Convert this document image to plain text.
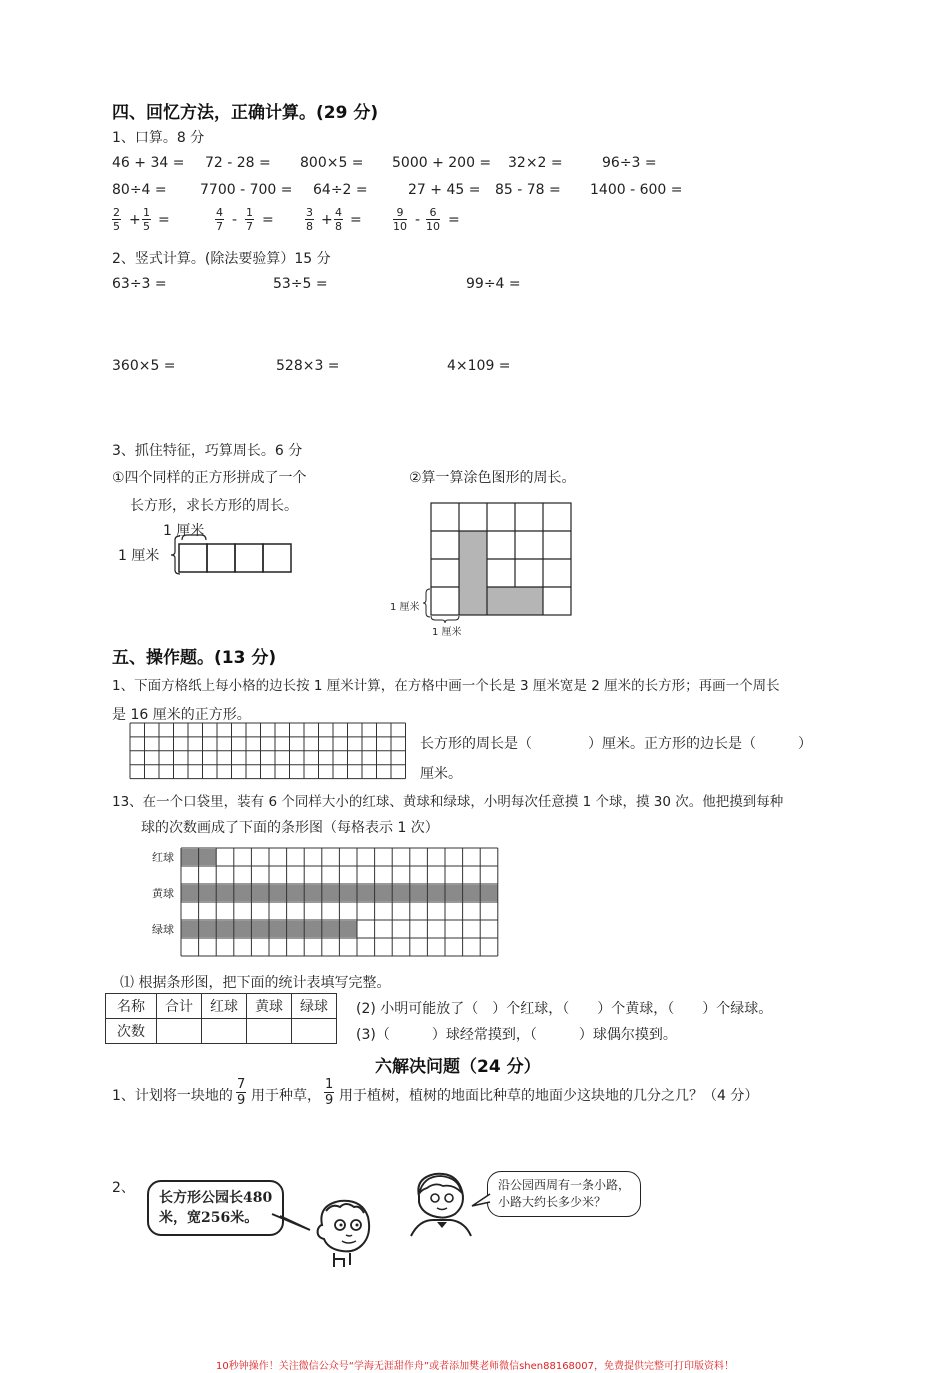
四、回忆方法，正确计算。(29 分)
1、口算。8 分
46 + 34 = 72 - 28 = 800×5 = 5000 + 200 = 32×2 =	96÷3 =
80÷4 = 7700 - 700 = 64÷2 =	27 + 45 = 85 - 78 = 1400 - 600 =
$\frac{2}{5} + \frac{1}{5}$ =	$\frac{4}{7} - \frac{1}{7}$ =	$\frac{3}{8} + \frac{4}{8}$ =	$\frac{9}{10} - \frac{6}{10}$ =
2、竖式计算。(除法要验算）15 分
63÷3 =	53÷5 =	99÷4 =
360×5 =	528×3 =	4×109 =
3、抓住特征，巧算周长。6 分
①四个同样的正方形拼成了一个
长方形，求长方形的周长。
②算一算涂色图形的周长。
1 厘米
1 厘米
1 厘米
1 厘米
五、操作题。(13 分)
1、下面方格纸上每小格的边长按 1 厘米计算，在方格中画一个长是 3 厘米宽是 2 厘米的长方形；再画一个周长
是 16 厘米的正方形。
长方形的周长是（　　　　）厘米。正方形的边长是（　　　）
厘米。
13、在一个口袋里，装有 6 个同样大小的红球、黄球和绿球，小明每次任意摸 1 个球，摸 30 次。他把摸到每种
球的次数画成了下面的条形图（每格表示 1 次）
红球
黄球
绿球
⑴ 根据条形图，把下面的统计表填写完整。
名称	合计	红球	黄球	绿球
次数				
(2) 小明可能放了（　）个红球，（　　）个黄球，（　　）个绿球。
(3)（　　　）球经常摸到，（　　　）球偶尔摸到。
六解决问题（24 分）
1、计划将一块地的 $\frac{7}{9}$ 用于种草， $\frac{1}{9}$ 用于植树，植树的地面比种草的地面少这块地的几分之几？（4 分）
2、
长方形公园长480
米，宽256米。
沿公园西周有一条小路，
小路大约长多少米？
10秒钟操作！关注微信公众号“学海无涯甜作舟”或者添加樊老师微信shen88168007，免费提供完整可打印版资料！
